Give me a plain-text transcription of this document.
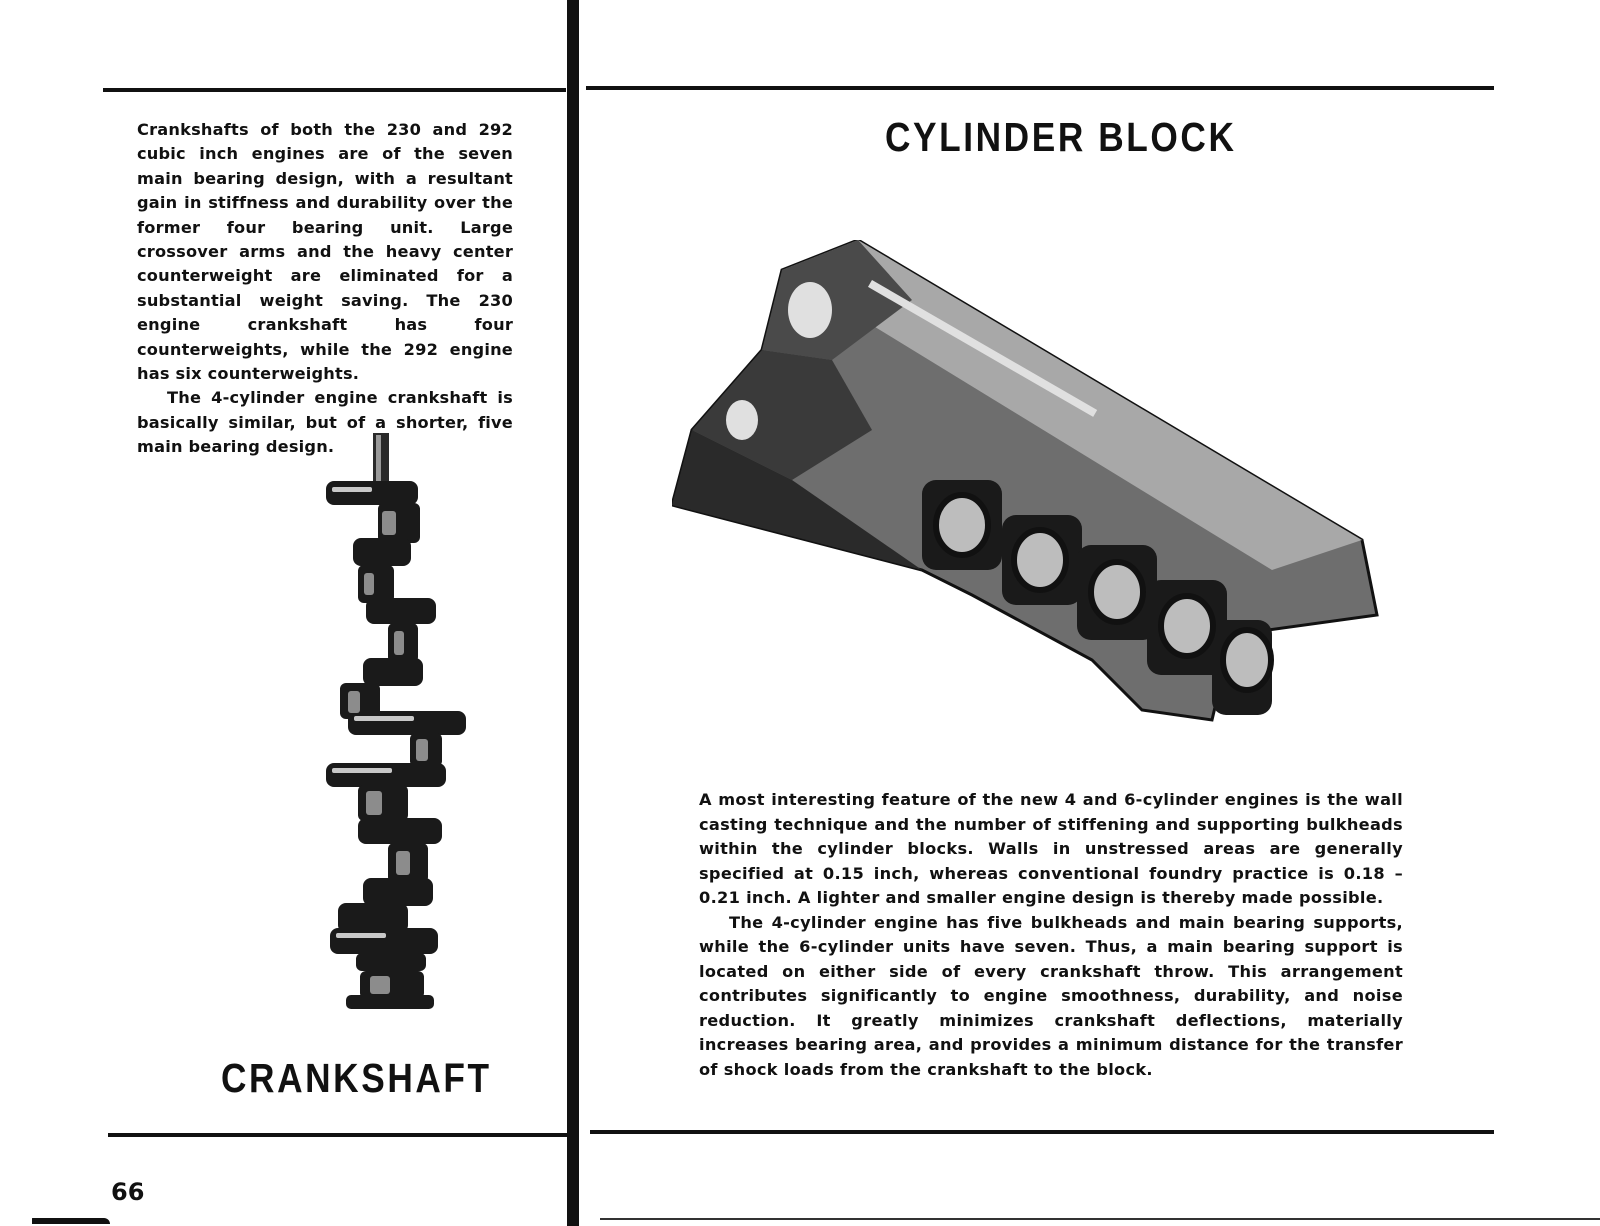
Crankshafts of both the 230 and 292 cubic inch engines are of the seven main bearing design, with a resultant gain in stiffness and durability over the former four bearing unit. Large crossover arms and the heavy center counterweight are eliminated for a substantial weight saving. The 230 engine crankshaft has four counterweights, while the 292 engine has six counterweights.

The 4-cylinder engine crankshaft is basically similar, but of a shorter, five main bearing design.

CRANKSHAFT
CYLINDER BLOCK

A most interesting feature of the new 4 and 6-cylinder engines is the wall casting technique and the number of stiffening and supporting bulkheads within the cylinder blocks. Walls in unstressed areas are generally specified at 0.15 inch, whereas conventional foundry practice is 0.18 – 0.21 inch. A lighter and smaller engine design is thereby made possible.

The 4-cylinder engine has five bulkheads and main bearing supports, while the 6-cylinder units have seven. Thus, a main bearing support is located on either side of every crankshaft throw. This arrangement contributes significantly to engine smoothness, durability, and noise reduction. It greatly minimizes crankshaft deflections, materially increases bearing area, and provides a minimum distance for the transfer of shock loads from the crankshaft to the block.

66
